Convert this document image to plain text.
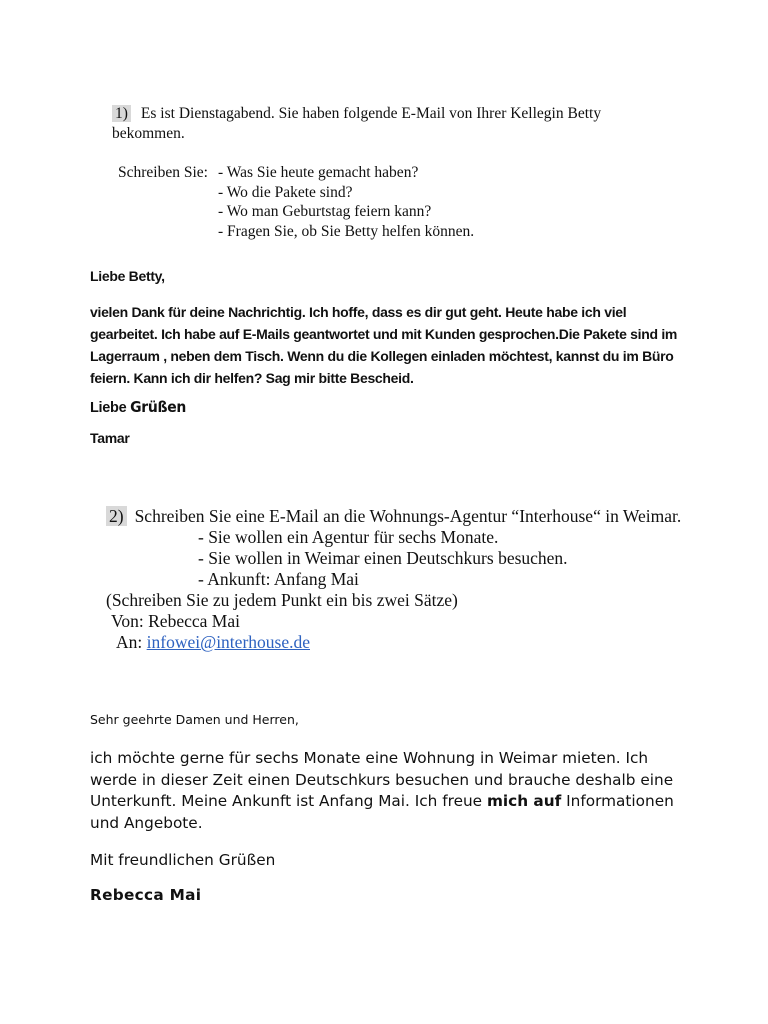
1) Es ist Dienstagabend. Sie haben folgende E-Mail von Ihrer Kellegin Betty bekommen.
Schreiben Sie: - Was Sie heute gemacht haben?
- Wo die Pakete sind?
- Wo man Geburtstag feiern kann?
- Fragen Sie, ob Sie Betty helfen können.
Liebe Betty,
vielen Dank für deine Nachrichtig. Ich hoffe, dass es dir gut geht. Heute habe ich viel gearbeitet. Ich habe auf E-Mails geantwortet und mit Kunden gesprochen.Die Pakete sind im Lagerraum , neben dem Tisch. Wenn du die Kollegen einladen möchtest, kannst du im Büro feiern. Kann ich dir helfen? Sag mir bitte Bescheid.
Liebe Grüßen
Tamar
2) Schreiben Sie eine E-Mail an die Wohnungs-Agentur “Interhouse“ in Weimar.
- Sie wollen ein Agentur für sechs Monate.
- Sie wollen in Weimar einen Deutschkurs besuchen.
- Ankunft: Anfang Mai
(Schreiben Sie zu jedem Punkt ein bis zwei Sätze)
Von: Rebecca Mai
An: infowei@interhouse.de
Sehr geehrte Damen und Herren,
ich möchte gerne für sechs Monate eine Wohnung in Weimar mieten. Ich werde in dieser Zeit einen Deutschkurs besuchen und brauche deshalb eine Unterkunft. Meine Ankunft ist Anfang Mai. Ich freue mich auf Informationen und Angebote.
Mit freundlichen Grüßen
Rebecca Mai
